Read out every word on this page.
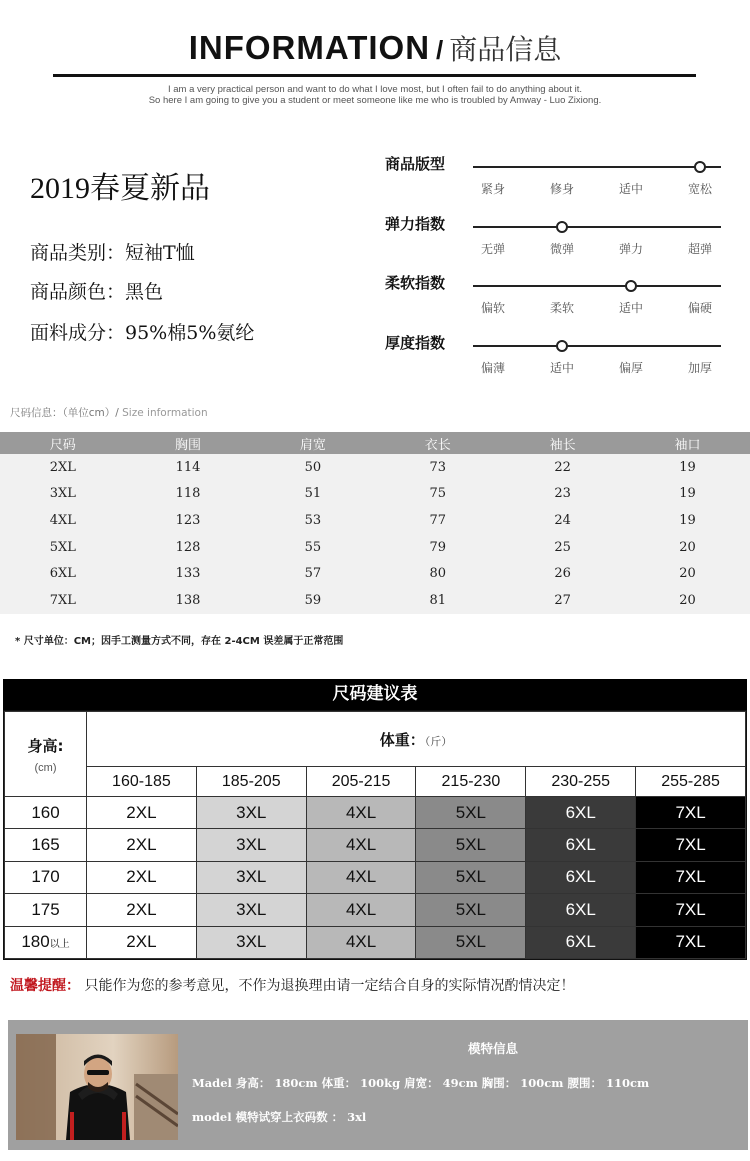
INFORMATION / 商品信息
I am a very practical person and want to do what I love most, but I often fail to do anything about it.
So here I am going to give you a student or meet someone like me who is troubled by Amway - Luo Zixiong.
2019春夏新品
商品类别：短袖T恤
商品颜色：黑色
面料成分：95%棉5%氨纶
商品版型
紧身	修身	适中	宽松
弹力指数
无弹	微弹	弹力	超弹
柔软指数
偏软	柔软	适中	偏硬
厚度指数
偏薄	适中	偏厚	加厚
尺码信息：（单位cm）/ Size information
尺码	胸围	肩宽	衣长	袖长	袖口
2XL	114	50	73	22	19
3XL	118	51	75	23	19
4XL	123	53	77	24	19
5XL	128	55	79	25	20
6XL	133	57	80	26	20
7XL	138	59	81	27	20
* 尺寸单位：CM；因手工测量方式不同，存在 2-4CM 误差属于正常范围
尺码建议表
身高:
(cm)	体重：（斤）					
	160-185	185-205	205-215	215-230	230-255	255-285
160	2XL	3XL	4XL	5XL	6XL	7XL
165	2XL	3XL	4XL	5XL	6XL	7XL
170	2XL	3XL	4XL	5XL	6XL	7XL
175	2XL	3XL	4XL	5XL	6XL	7XL
180以上	2XL	3XL	4XL	5XL	6XL	7XL
温馨提醒： 只能作为您的参考意见，不作为退换理由请一定结合自身的实际情况酌情决定！
模特信息
Madel 身高： 180cm 体重： 100kg 肩宽： 49cm 胸围： 100cm 腰围： 110cm
model 模特试穿上衣码数 ： 3xl
